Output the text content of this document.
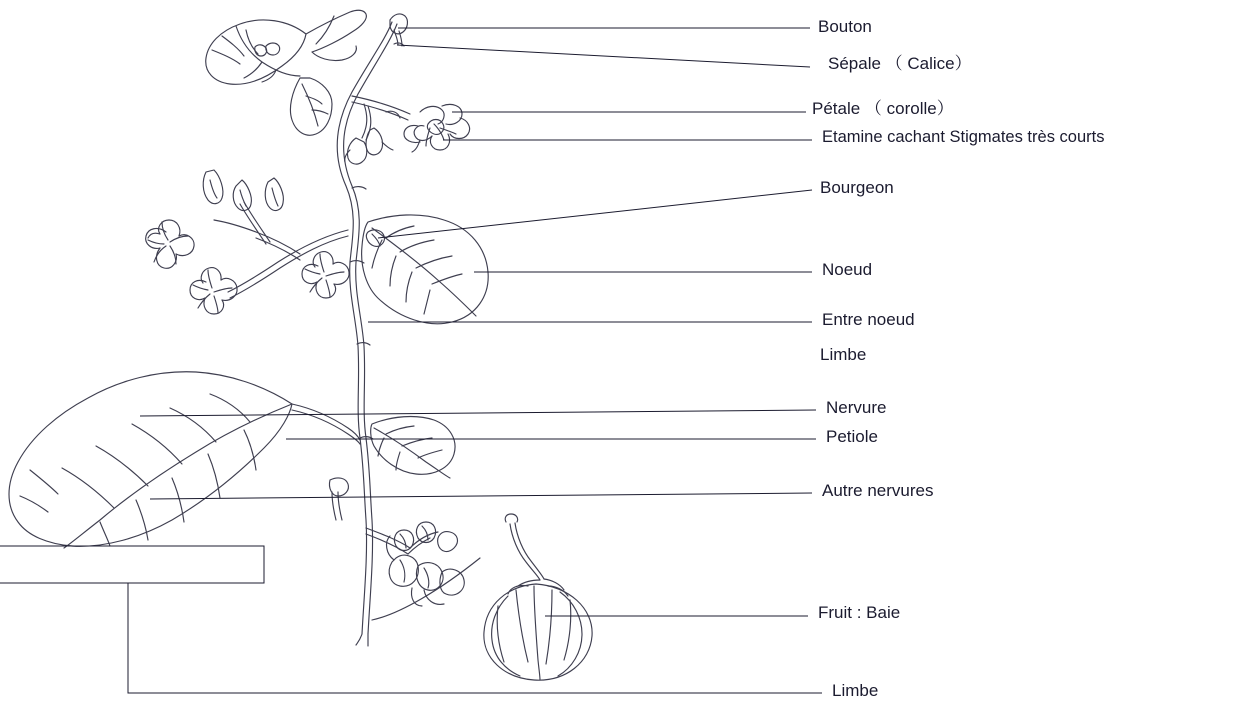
Bouton
Sépale （ Calice）
Pétale （ corolle）
Etamine cachant Stigmates très courts
Bourgeon
Noeud
Entre noeud
Limbe
Nervure
Petiole
Autre nervures
Fruit : Baie
Limbe
